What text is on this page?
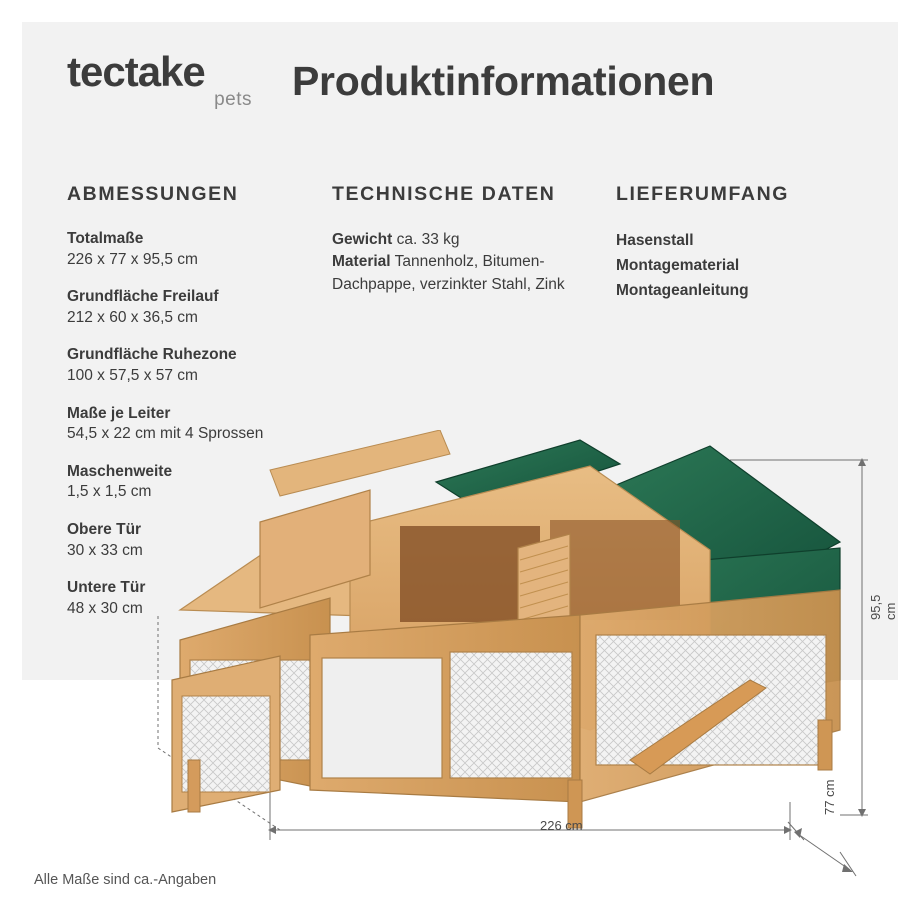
tectake
pets Produktinformationen
ABMESSUNGEN
Totalmaße
226 x 77 x 95,5 cm
Grundfläche Freilauf
212 x 60 x 36,5 cm
Grundfläche Ruhezone
100 x 57,5 x 57 cm
Maße je Leiter
54,5 x 22 cm mit 4 Sprossen
Maschenweite
1,5 x 1,5 cm
Obere Tür
30 x 33 cm
Untere Tür
48 x 30 cm
TECHNISCHE DATEN
Gewicht ca. 33 kg
Material Tannenholz, Bitumen-Dachpappe, verzinkter Stahl, Zink
LIEFERUMFANG
Hasenstall
Montagematerial
Montageanleitung
226 cm
77 cm
95,5 cm
Alle Maße sind ca.-Angaben
